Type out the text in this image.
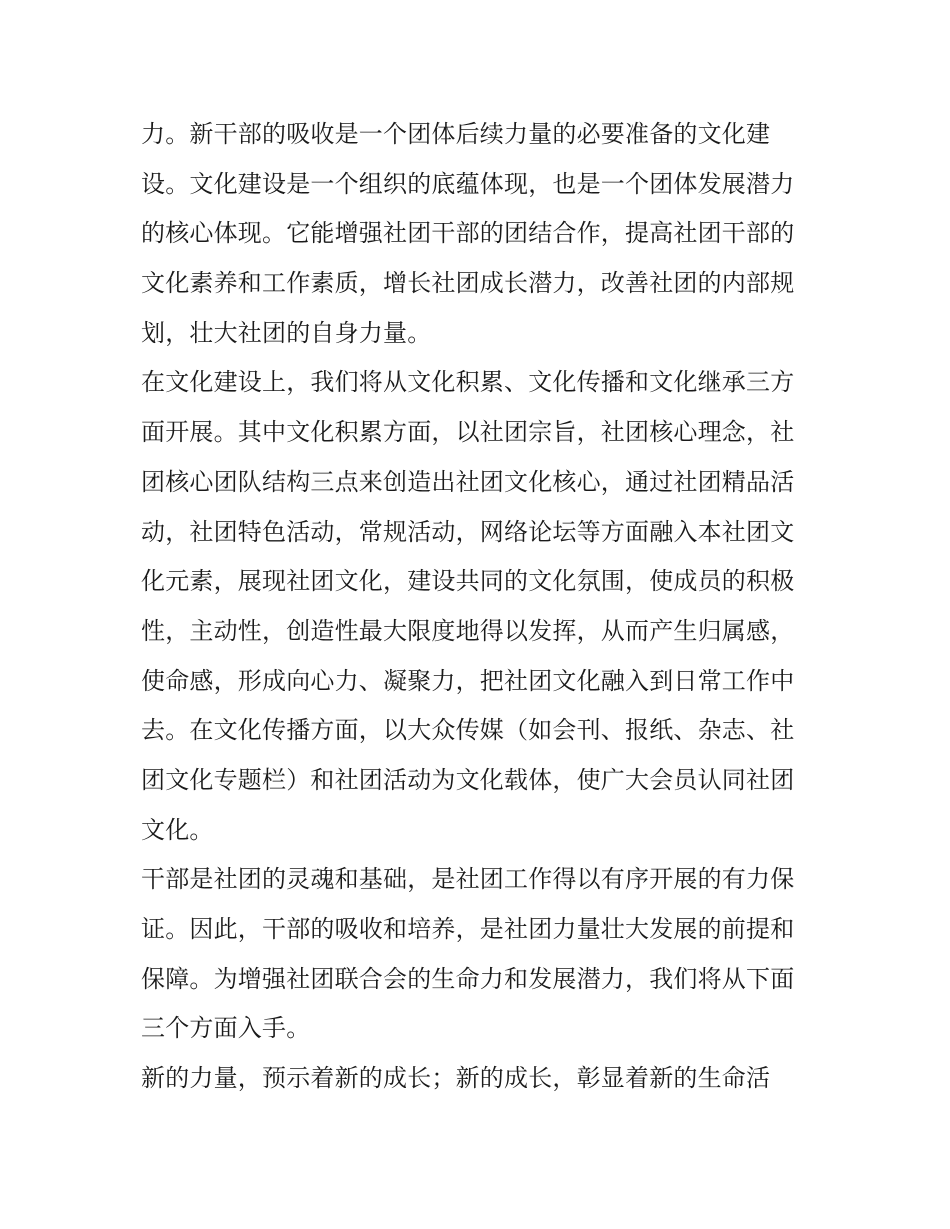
力。新干部的吸收是一个团体后续力量的必要准备的文化建
设。文化建设是一个组织的底蕴体现，也是一个团体发展潜力
的核心体现。它能增强社团干部的团结合作，提高社团干部的
文化素养和工作素质，增长社团成长潜力，改善社团的内部规
划，壮大社团的自身力量。
在文化建设上，我们将从文化积累、文化传播和文化继承三方
面开展。其中文化积累方面，以社团宗旨，社团核心理念，社
团核心团队结构三点来创造出社团文化核心，通过社团精品活
动，社团特色活动，常规活动，网络论坛等方面融入本社团文
化元素，展现社团文化，建设共同的文化氛围，使成员的积极
性，主动性，创造性最大限度地得以发挥，从而产生归属感，
使命感，形成向心力、凝聚力，把社团文化融入到日常工作中
去。在文化传播方面，以大众传媒（如会刊、报纸、杂志、社
团文化专题栏）和社团活动为文化载体，使广大会员认同社团
文化。
干部是社团的灵魂和基础，是社团工作得以有序开展的有力保
证。因此，干部的吸收和培养，是社团力量壮大发展的前提和
保障。为增强社团联合会的生命力和发展潜力，我们将从下面
三个方面入手。
新的力量，预示着新的成长；新的成长，彰显着新的生命活
